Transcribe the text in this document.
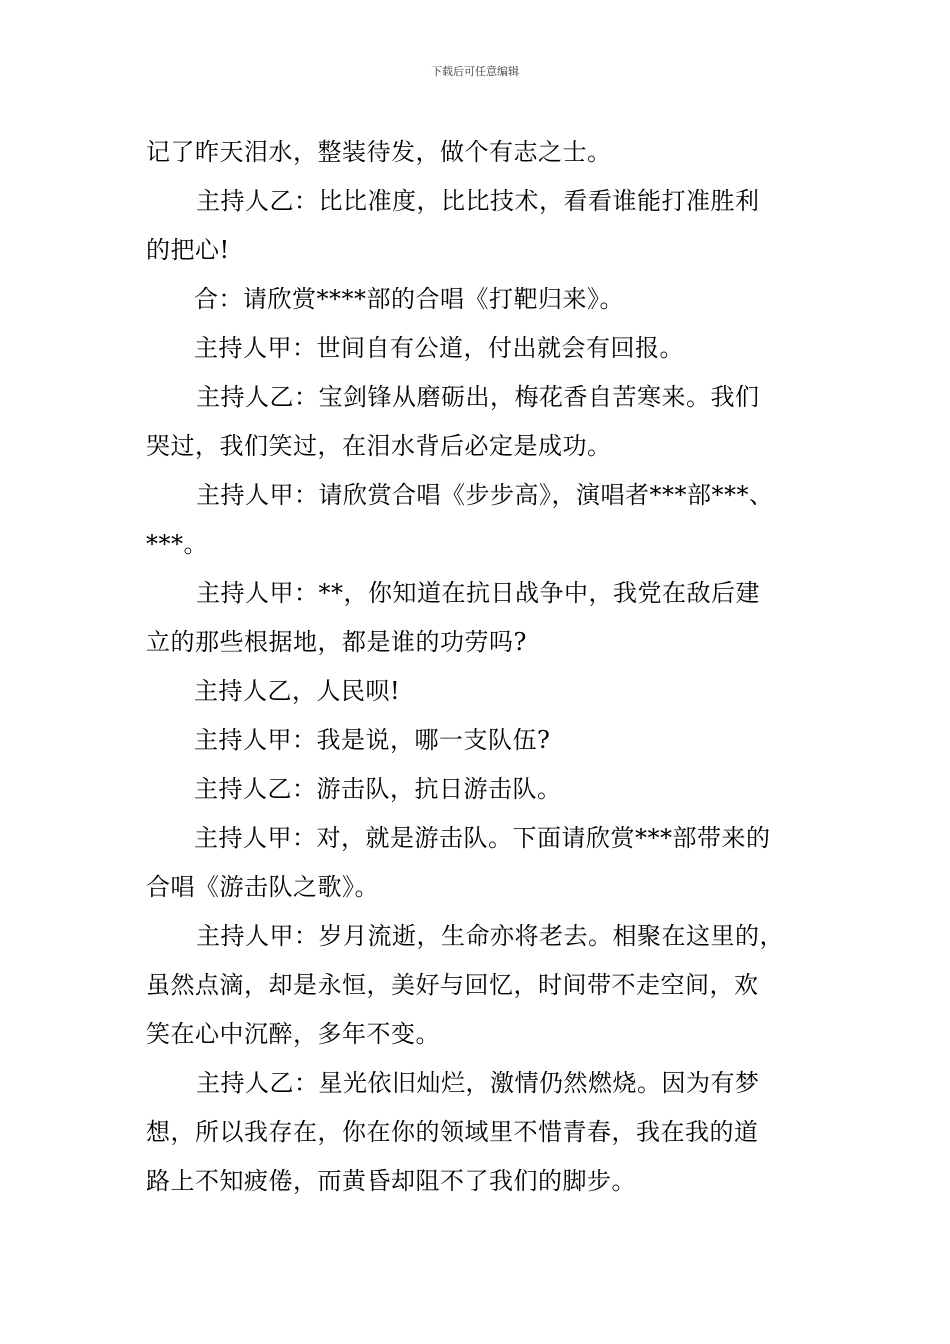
下载后可任意编辑

记了昨天泪水，整装待发，做个有志之士。

主持人乙：比比准度，比比技术，看看谁能打准胜利
的把心!

合：请欣赏****部的合唱《打靶归来》。

主持人甲：世间自有公道，付出就会有回报。

主持人乙：宝剑锋从磨砺出，梅花香自苦寒来。我们
哭过，我们笑过，在泪水背后必定是成功。

主持人甲：请欣赏合唱《步步高》，演唱者***部***、
***。

主持人甲：**，你知道在抗日战争中，我党在敌后建
立的那些根据地，都是谁的功劳吗?

主持人乙，人民呗!

主持人甲：我是说，哪一支队伍?

主持人乙：游击队，抗日游击队。

主持人甲：对，就是游击队。下面请欣赏***部带来的
合唱《游击队之歌》。

主持人甲：岁月流逝，生命亦将老去。相聚在这里的，
虽然点滴，却是永恒，美好与回忆，时间带不走空间，欢
笑在心中沉醉，多年不变。

主持人乙：星光依旧灿烂，激情仍然燃烧。因为有梦
想，所以我存在，你在你的领域里不惜青春，我在我的道
路上不知疲倦，而黄昏却阻不了我们的脚步。
